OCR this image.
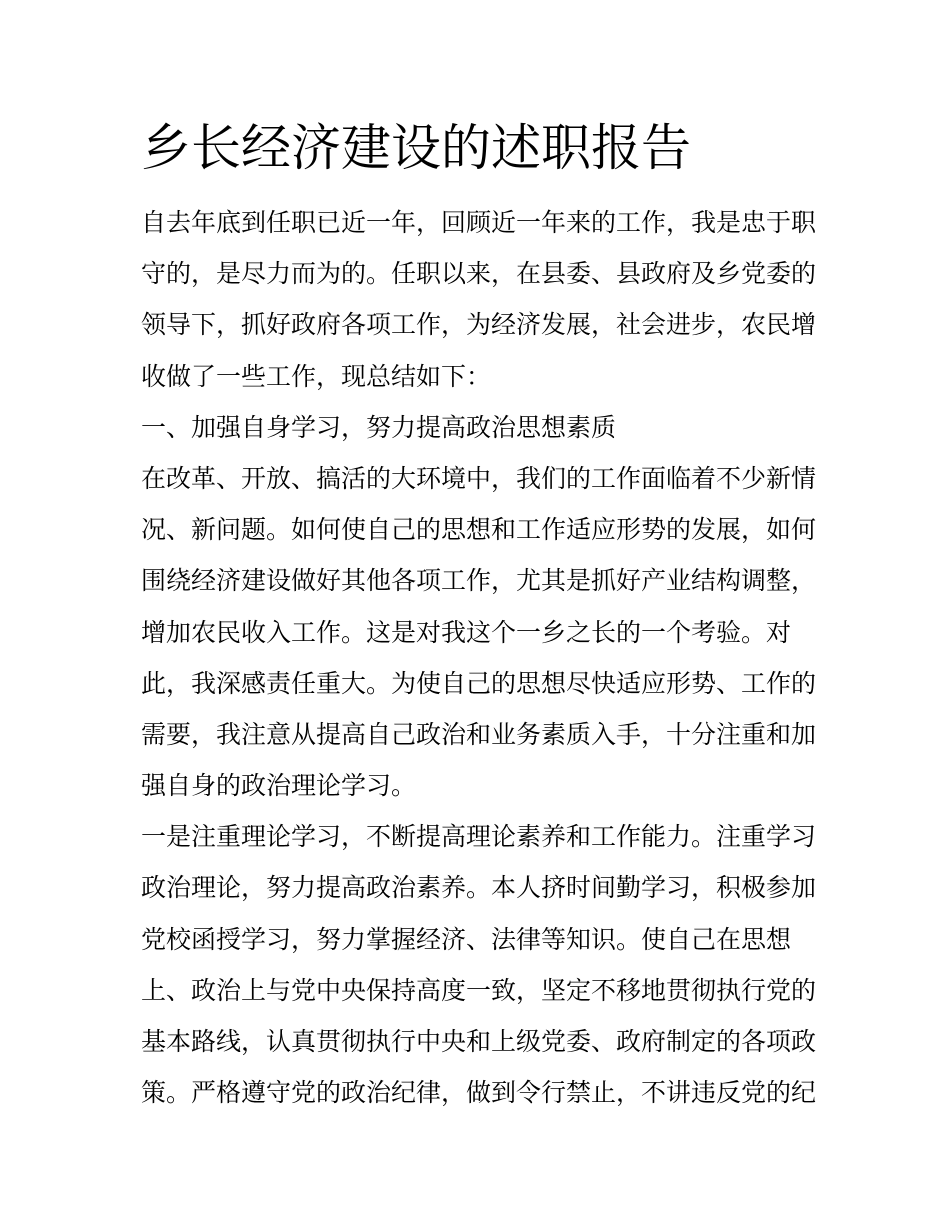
乡长经济建设的述职报告
自去年底到任职已近一年，回顾近一年来的工作，我是忠于职
守的，是尽力而为的。任职以来，在县委、县政府及乡党委的
领导下，抓好政府各项工作，为经济发展，社会进步，农民增
收做了一些工作，现总结如下：
一、加强自身学习，努力提高政治思想素质
在改革、开放、搞活的大环境中，我们的工作面临着不少新情
况、新问题。如何使自己的思想和工作适应形势的发展，如何
围绕经济建设做好其他各项工作，尤其是抓好产业结构调整，
增加农民收入工作。这是对我这个一乡之长的一个考验。对
此，我深感责任重大。为使自己的思想尽快适应形势、工作的
需要，我注意从提高自己政治和业务素质入手，十分注重和加
强自身的政治理论学习。
一是注重理论学习，不断提高理论素养和工作能力。注重学习
政治理论，努力提高政治素养。本人挤时间勤学习，积极参加
党校函授学习，努力掌握经济、法律等知识。使自己在思想
上、政治上与党中央保持高度一致，坚定不移地贯彻执行党的
基本路线，认真贯彻执行中央和上级党委、政府制定的各项政
策。严格遵守党的政治纪律，做到令行禁止，不讲违反党的纪
